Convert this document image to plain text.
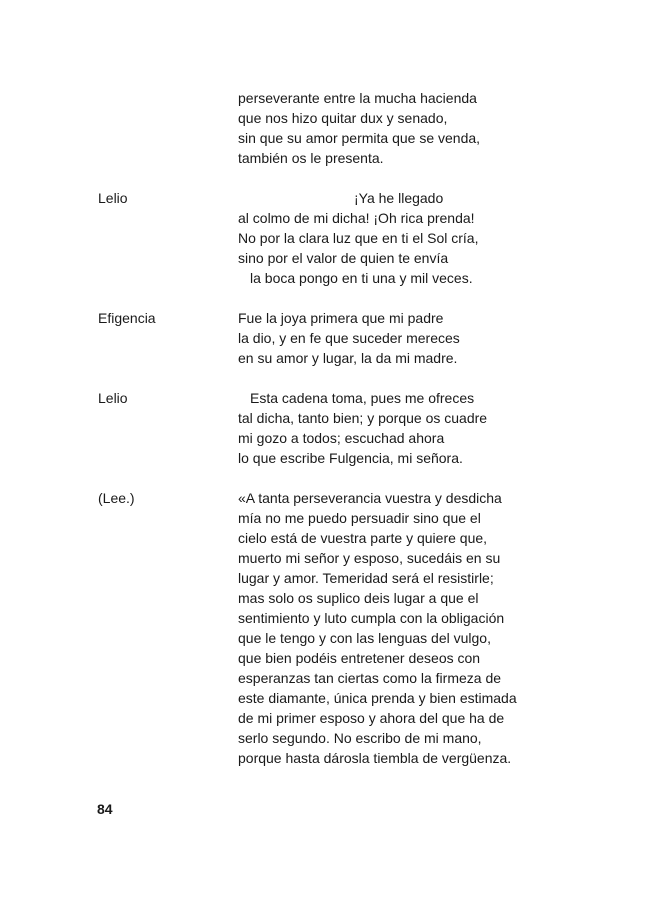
perseverante entre la mucha hacienda
que nos hizo quitar dux y senado,
sin que su amor permita que se venda,
también os le presenta.
Lelio	¡Ya he llegado
al colmo de mi dicha! ¡Oh rica prenda!
No por la clara luz que en ti el Sol cría,
sino por el valor de quien te envía
la boca pongo en ti una y mil veces.
Efigencia	Fue la joya primera que mi padre
la dio, y en fe que suceder mereces
en su amor y lugar, la da mi madre.
Lelio	Esta cadena toma, pues me ofreces
tal dicha, tanto bien; y porque os cuadre
mi gozo a todos; escuchad ahora
lo que escribe Fulgencia, mi señora.
(Lee.)	«A tanta perseverancia vuestra y desdicha
mía no me puedo persuadir sino que el
cielo está de vuestra parte y quiere que,
muerto mi señor y esposo, sucedáis en su
lugar y amor. Temeridad será el resistirle;
mas solo os suplico deis lugar a que el
sentimiento y luto cumpla con la obligación
que le tengo y con las lenguas del vulgo,
que bien podéis entretener deseos con
esperanzas tan ciertas como la firmeza de
este diamante, única prenda y bien estimada
de mi primer esposo y ahora del que ha de
serlo segundo. No escribo de mi mano,
porque hasta dárosla tiembla de vergüenza.
84
